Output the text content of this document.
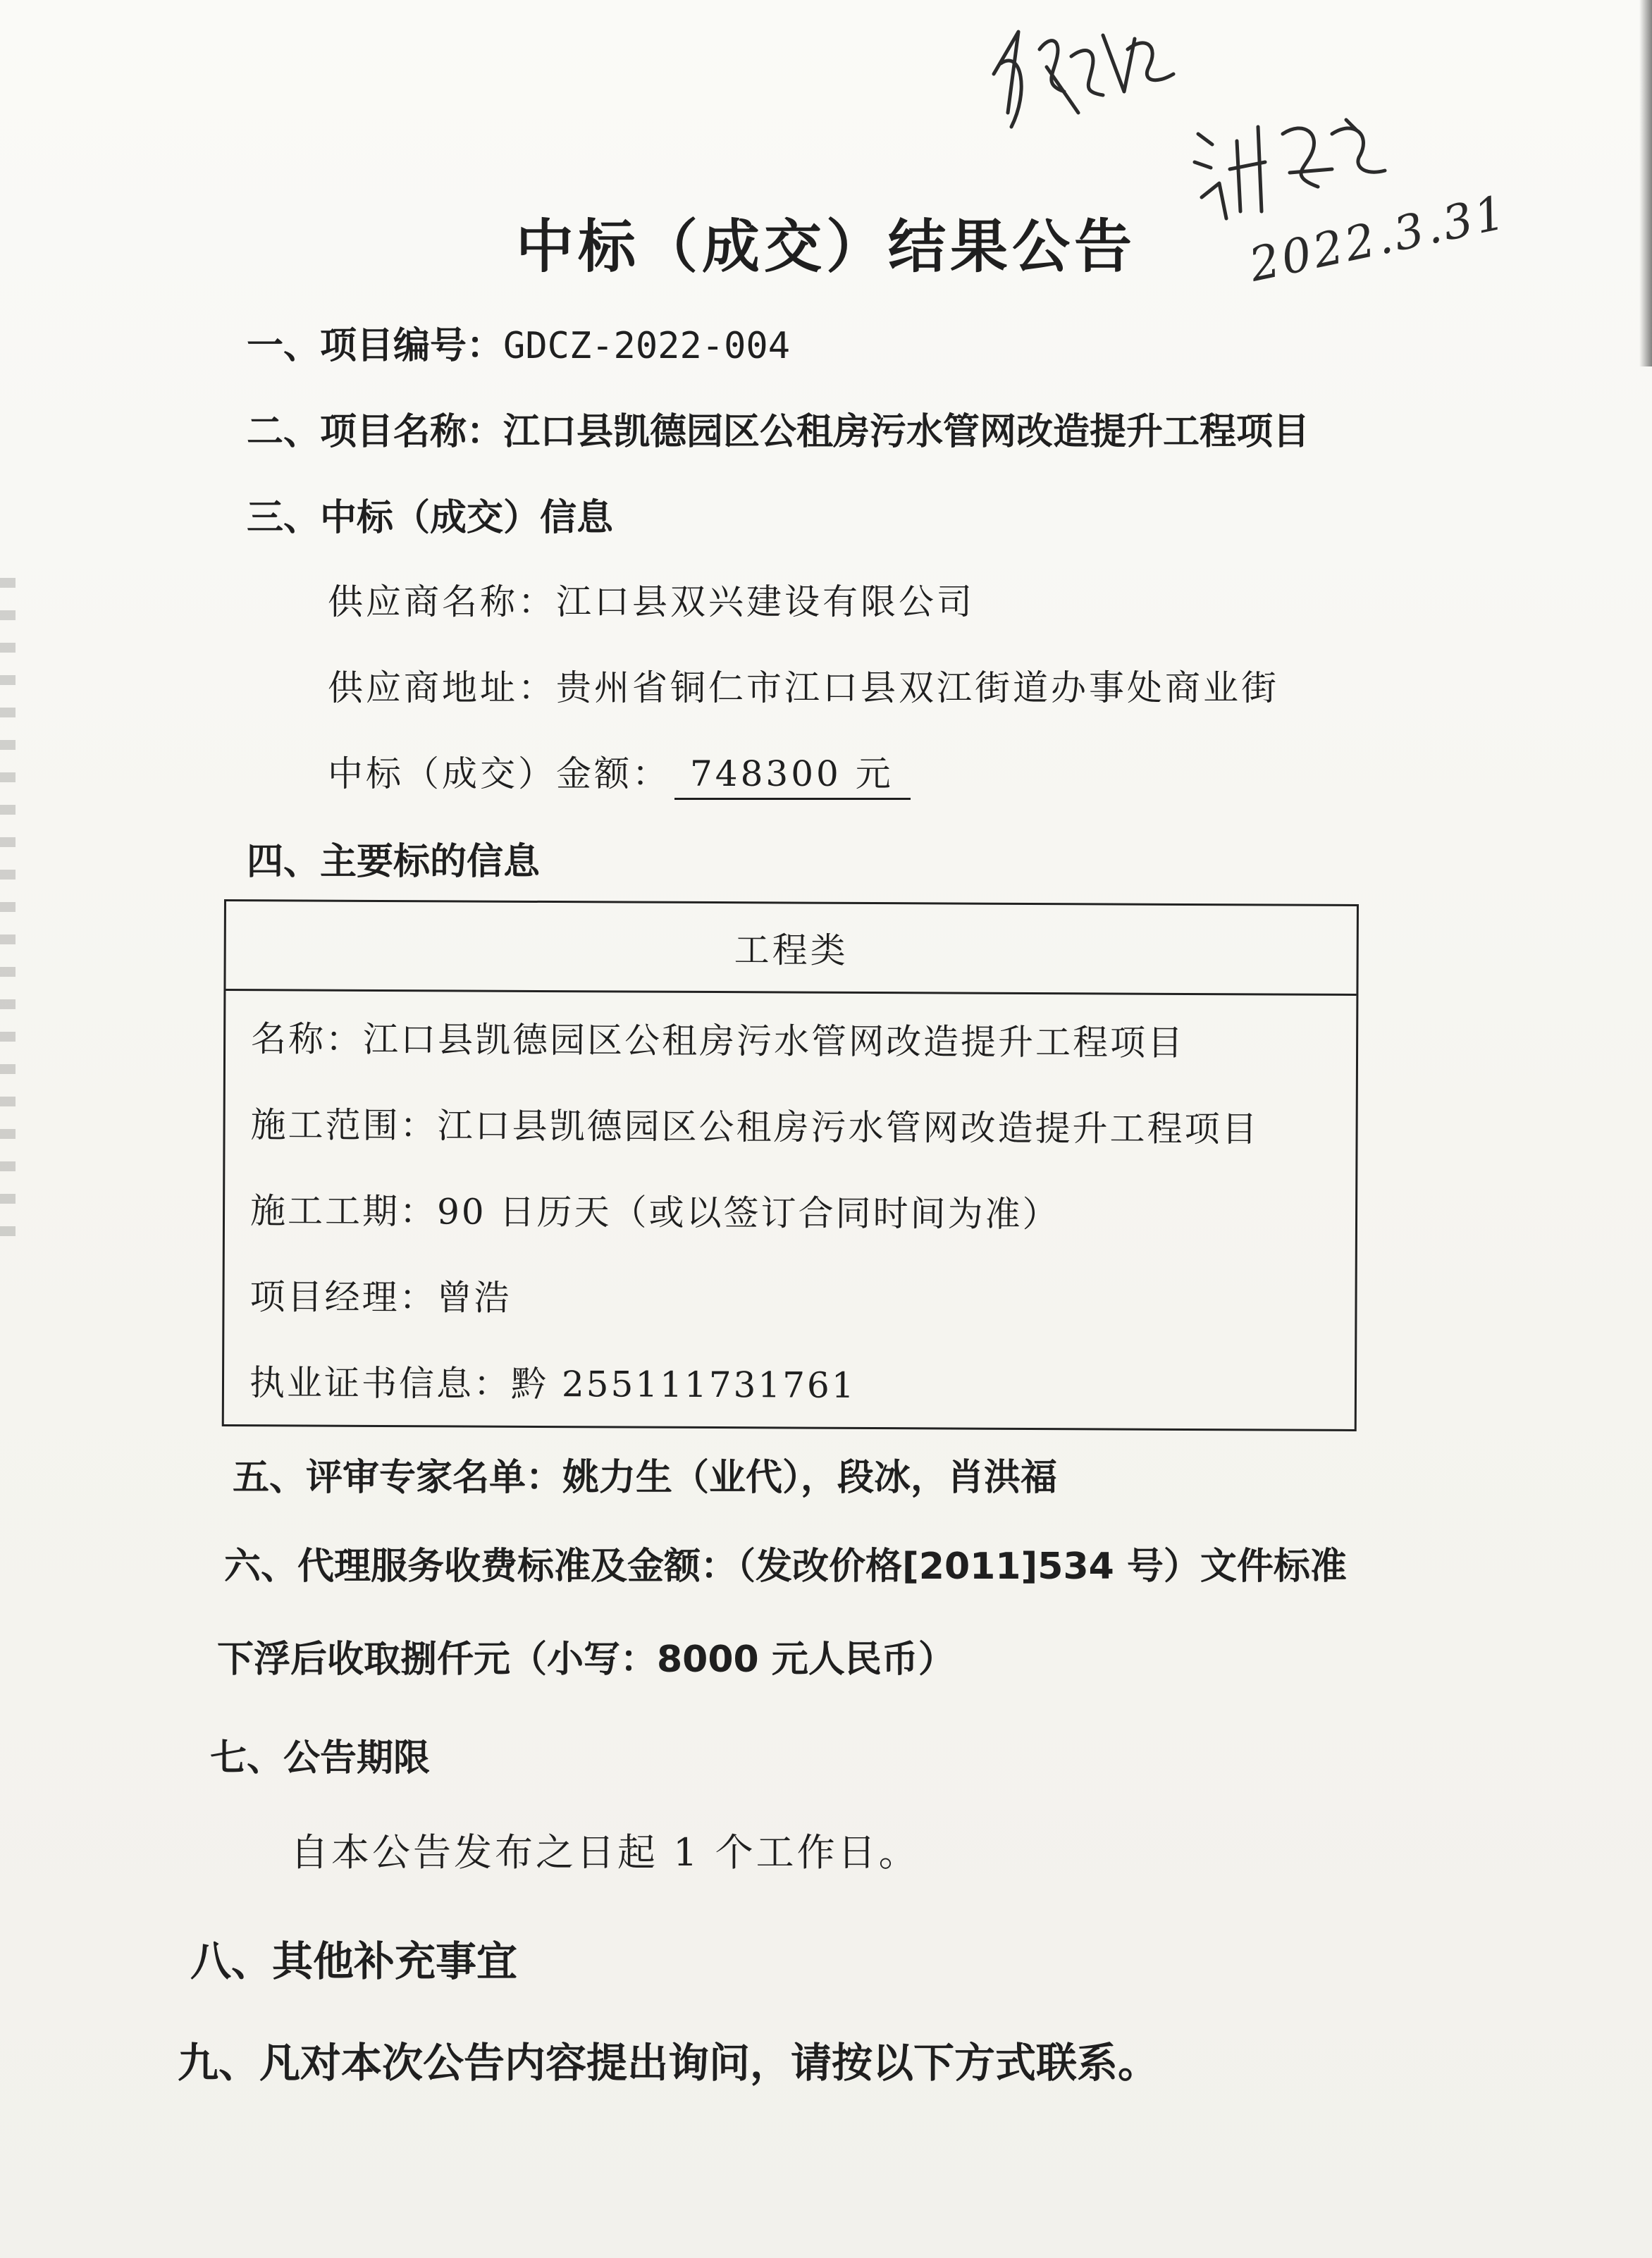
2022.3.31
中标（成交）结果公告
一、项目编号：GDCZ-2022-004
二、项目名称：江口县凯德园区公租房污水管网改造提升工程项目
三、中标（成交）信息
供应商名称：江口县双兴建设有限公司
供应商地址：贵州省铜仁市江口县双江街道办事处商业街
中标（成交）金额： 748300 元
四、主要标的信息
工程类
名称：江口县凯德园区公租房污水管网改造提升工程项目
施工范围：江口县凯德园区公租房污水管网改造提升工程项目
施工工期：90 日历天（或以签订合同时间为准）
项目经理：曾浩
执业证书信息：黔 255111731761
五、评审专家名单：姚力生（业代），段冰，肖洪福
六、代理服务收费标准及金额：（发改价格[2011]534 号）文件标准
下浮后收取捌仟元（小写：8000 元人民币）
七、公告期限
自本公告发布之日起 1 个工作日。
八、其他补充事宜
九、凡对本次公告内容提出询问，请按以下方式联系。
